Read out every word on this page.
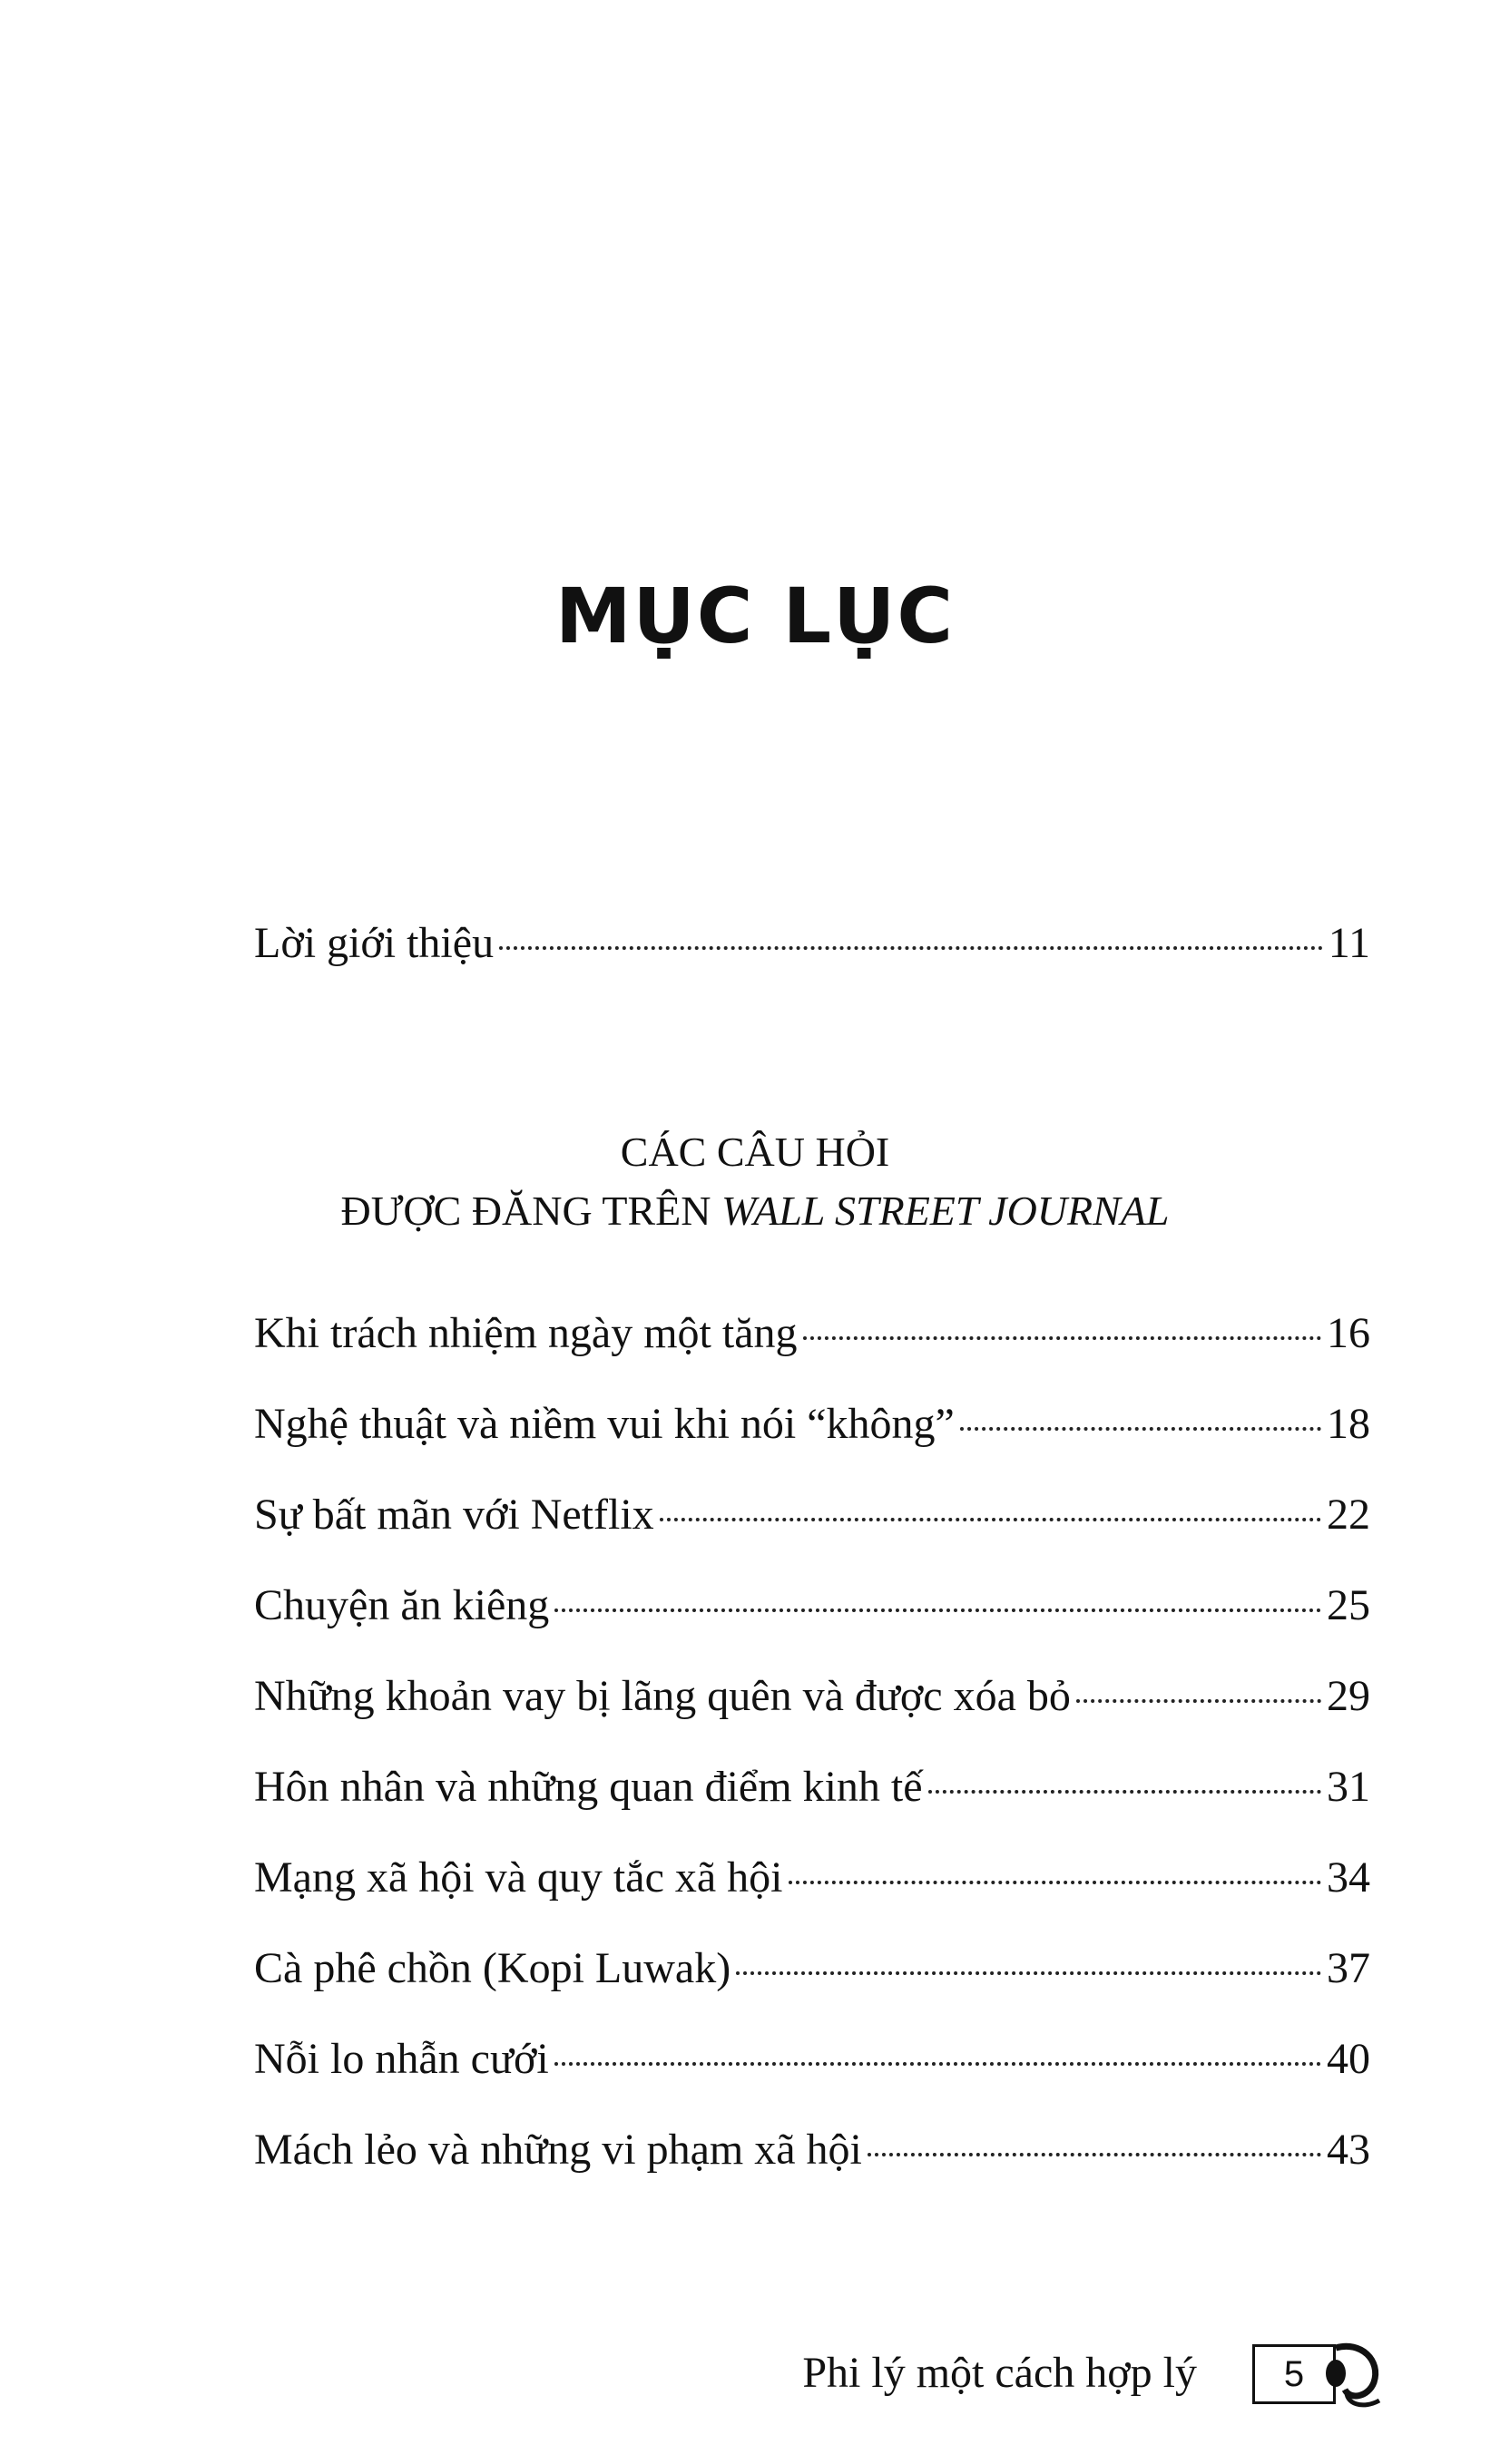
MỤC LỤC
Lời giới thiệu	11
CÁC CÂU HỎI
ĐƯỢC ĐĂNG TRÊN WALL STREET JOURNAL
Khi trách nhiệm ngày một tăng	16
Nghệ thuật và niềm vui khi nói “không”	18
Sự bất mãn với Netflix	22
Chuyện ăn kiêng	25
Những khoản vay bị lãng quên và được xóa bỏ	29
Hôn nhân và những quan điểm kinh tế	31
Mạng xã hội và quy tắc xã hội	34
Cà phê chồn (Kopi Luwak)	37
Nỗi lo nhẫn cưới	40
Mách lẻo và những vi phạm xã hội	43
Phi lý một cách hợp lý	5
